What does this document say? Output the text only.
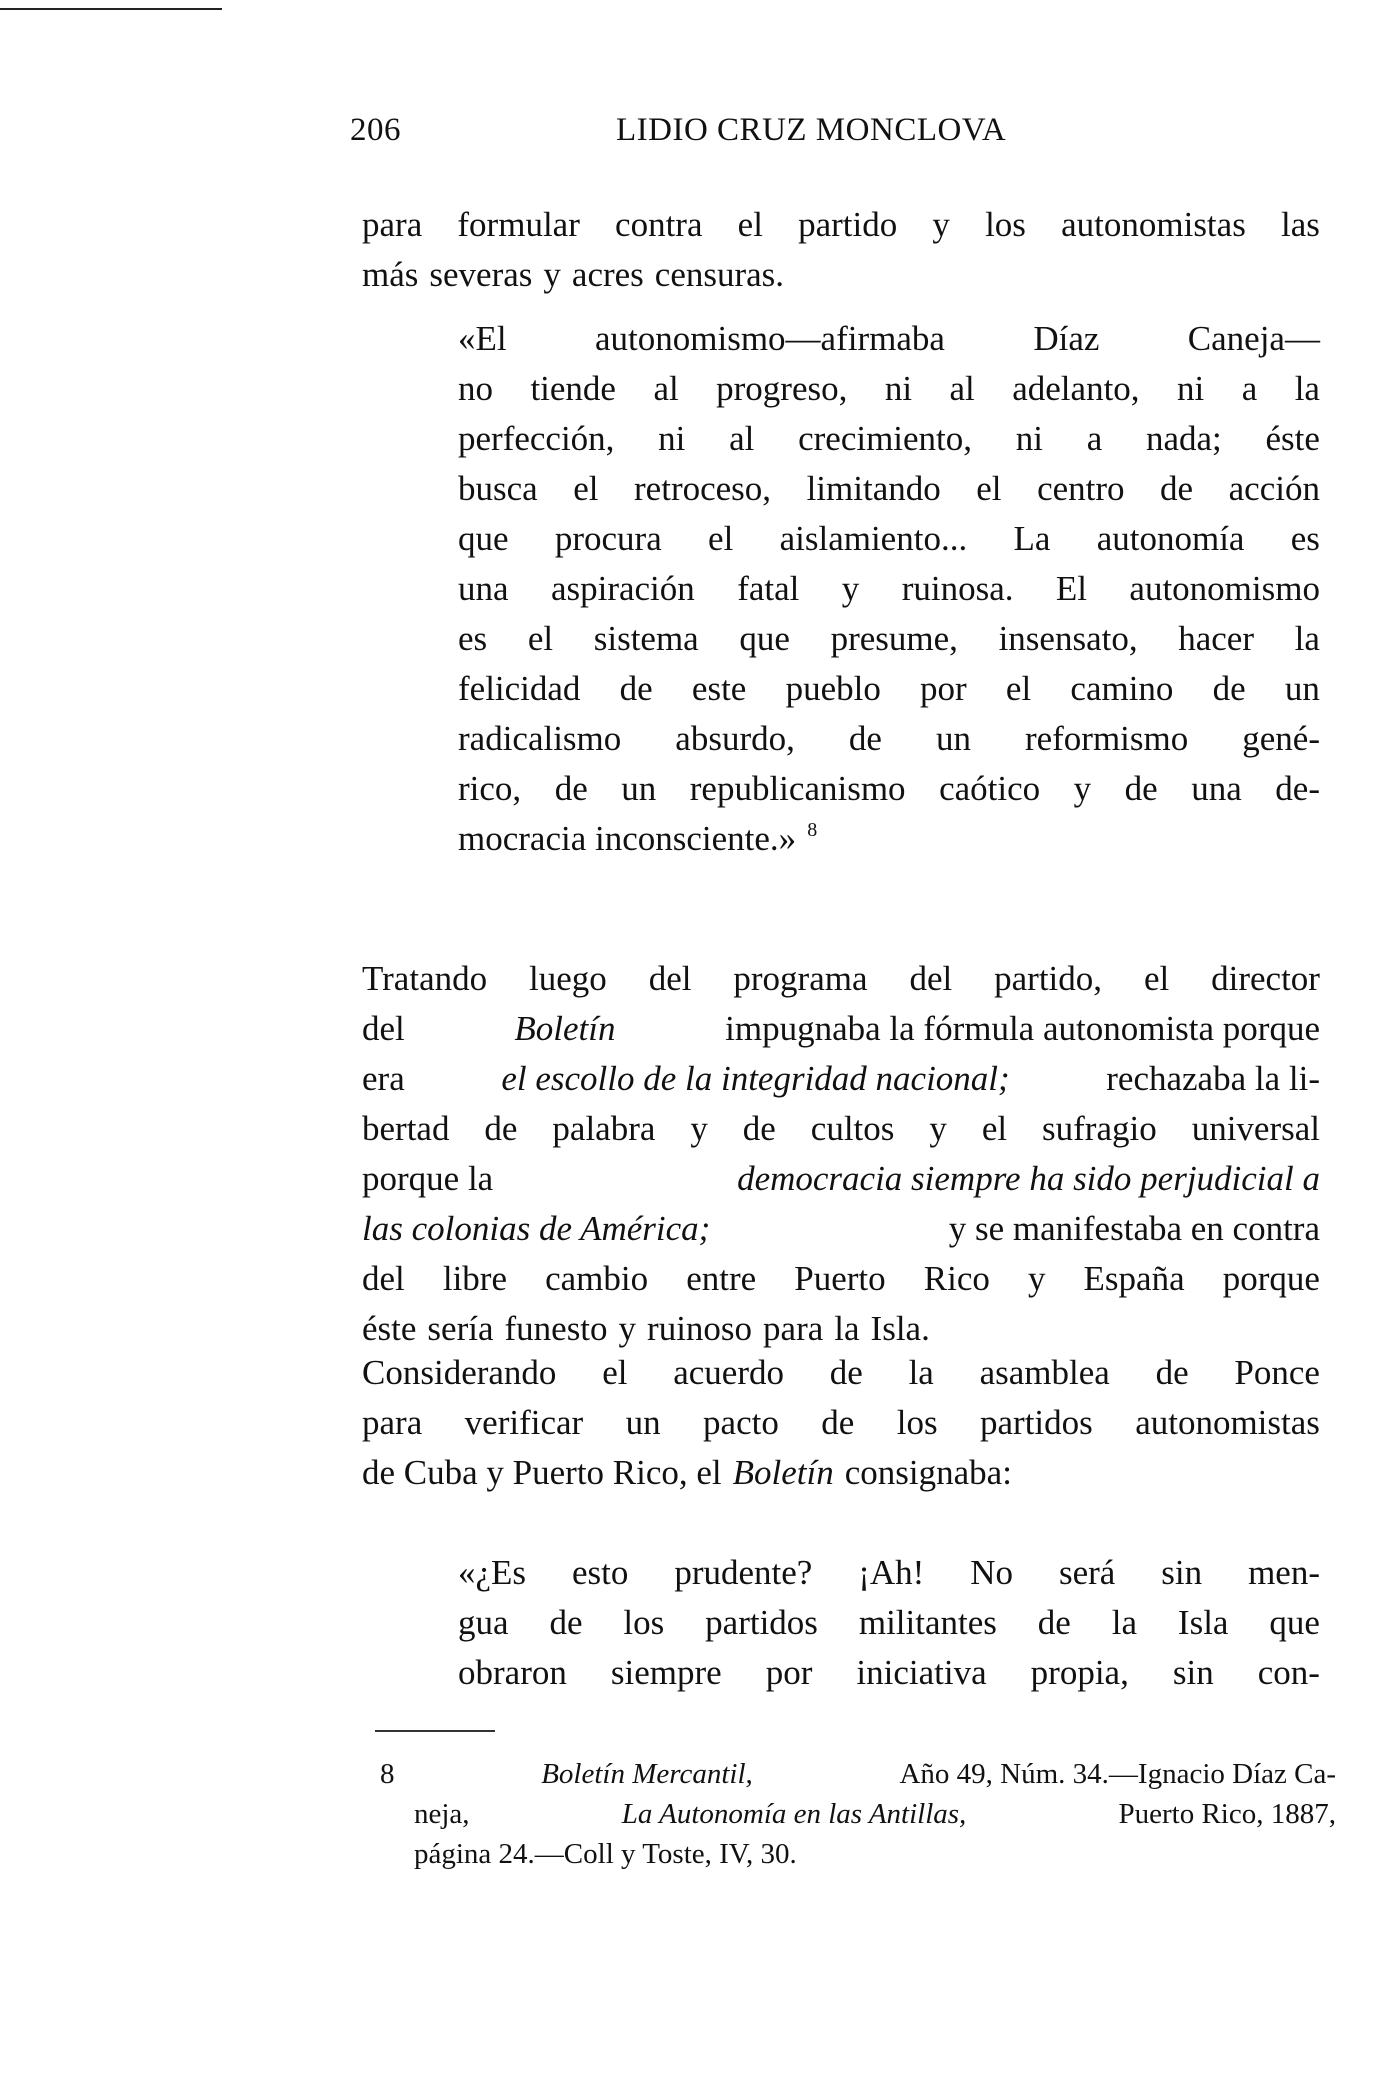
206	LIDIO CRUZ MONCLOVA
para formular contra el partido y los autonomistas las
más severas y acres censuras.
«El	autonomismo—afirmaba	Díaz	Caneja—
no tiende al progreso, ni al adelanto, ni a la
perfección, ni al crecimiento, ni a nada; éste
busca el retroceso, limitando el centro de acción
que procura el aislamiento... La autonomía es
una aspiración fatal y ruinosa. El autonomismo
es el sistema que presume, insensato, hacer la
felicidad de este pueblo por el camino de un
radicalismo absurdo, de un reformismo gené-
rico, de un republicanismo caótico y de una de-
mocracia inconsciente.» $^8$
Tratando luego del programa del partido, el director
del	Boletín	impugnaba la fórmula autonomista porque
era	el escollo de la integridad nacional;	rechazaba la li-
bertad de palabra y de cultos y el sufragio universal
porque la	democracia siempre ha sido perjudicial a
las colonias de América;	y se manifestaba en contra
del libre cambio entre Puerto Rico y España porque
éste sería funesto y ruinoso para la Isla.
Considerando el acuerdo de la asamblea de Ponce
para verificar un pacto de los partidos autonomistas
de Cuba y Puerto Rico, el Boletín consignaba:
«¿Es esto prudente? ¡Ah! No será sin men-
gua de los partidos militantes de la Isla que
obraron siempre por iniciativa propia, sin con-
8	Boletín Mercantil,	Año 49, Núm. 34.—Ignacio Díaz Ca-
neja,	La Autonomía en las Antillas,	Puerto Rico, 1887,
página 24.—Coll y Toste, IV, 30.
